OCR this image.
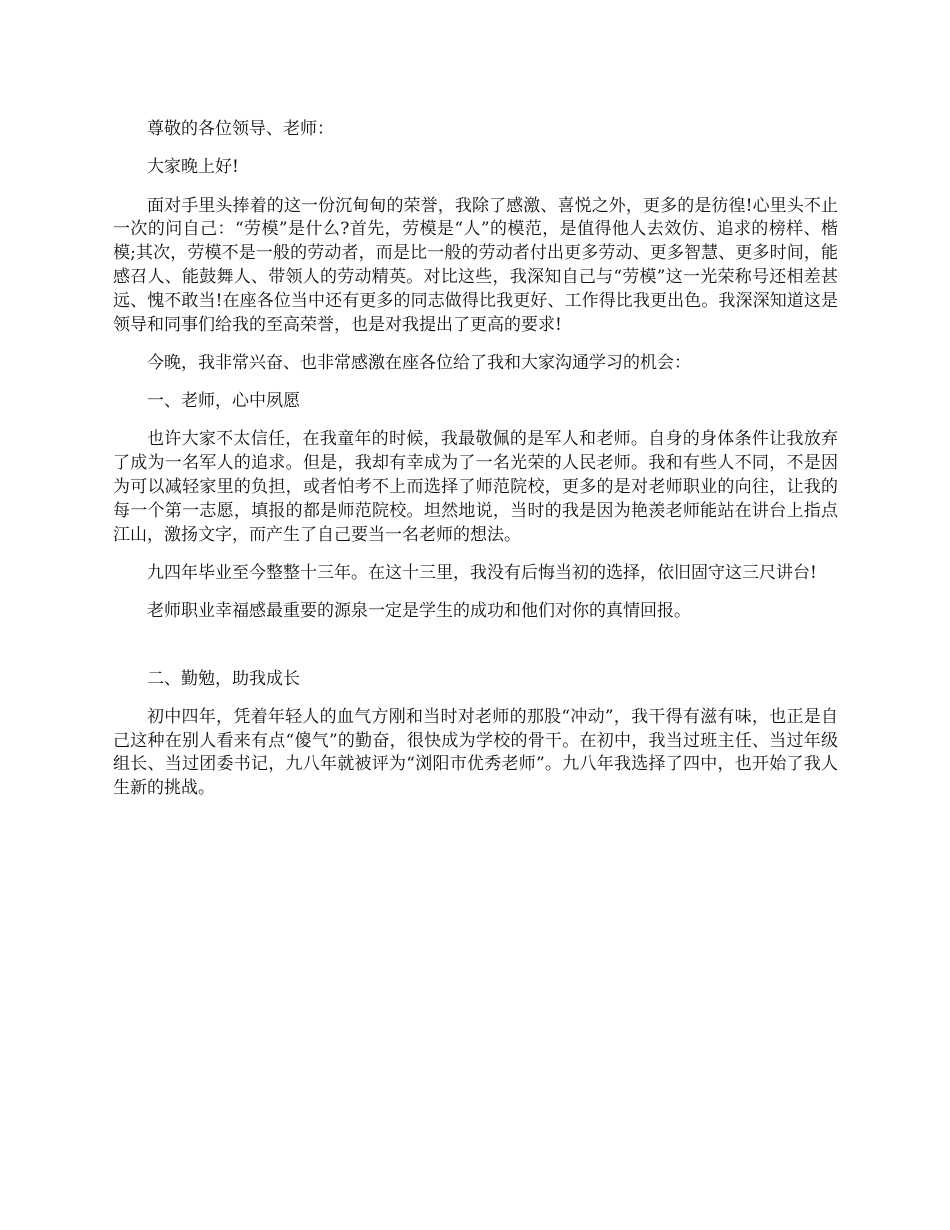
尊敬的各位领导、老师：

大家晚上好!

面对手里头捧着的这一份沉甸甸的荣誉，我除了感激、喜悦之外，更多的是彷徨!心里头不止一次的问自己：“劳模”是什么?首先，劳模是“人”的模范，是值得他人去效仿、追求的榜样、楷模;其次，劳模不是一般的劳动者，而是比一般的劳动者付出更多劳动、更多智慧、更多时间，能感召人、能鼓舞人、带领人的劳动精英。对比这些，我深知自己与“劳模”这一光荣称号还相差甚远、愧不敢当!在座各位当中还有更多的同志做得比我更好、工作得比我更出色。我深深知道这是领导和同事们给我的至高荣誉，也是对我提出了更高的要求!

今晚，我非常兴奋、也非常感激在座各位给了我和大家沟通学习的机会：

一、老师，心中夙愿

也许大家不太信任，在我童年的时候，我最敬佩的是军人和老师。自身的身体条件让我放弃了成为一名军人的追求。但是，我却有幸成为了一名光荣的人民老师。我和有些人不同，不是因为可以减轻家里的负担，或者怕考不上而选择了师范院校，更多的是对老师职业的向往，让我的每一个第一志愿，填报的都是师范院校。坦然地说，当时的我是因为艳羡老师能站在讲台上指点江山，激扬文字，而产生了自己要当一名老师的想法。

九四年毕业至今整整十三年。在这十三里，我没有后悔当初的选择，依旧固守这三尺讲台!

老师职业幸福感最重要的源泉一定是学生的成功和他们对你的真情回报。

二、勤勉，助我成长

初中四年，凭着年轻人的血气方刚和当时对老师的那股“冲动”，我干得有滋有味，也正是自己这种在别人看来有点“傻气”的勤奋，很快成为学校的骨干。在初中，我当过班主任、当过年级组长、当过团委书记，九八年就被评为“浏阳市优秀老师”。九八年我选择了四中，也开始了我人生新的挑战。
